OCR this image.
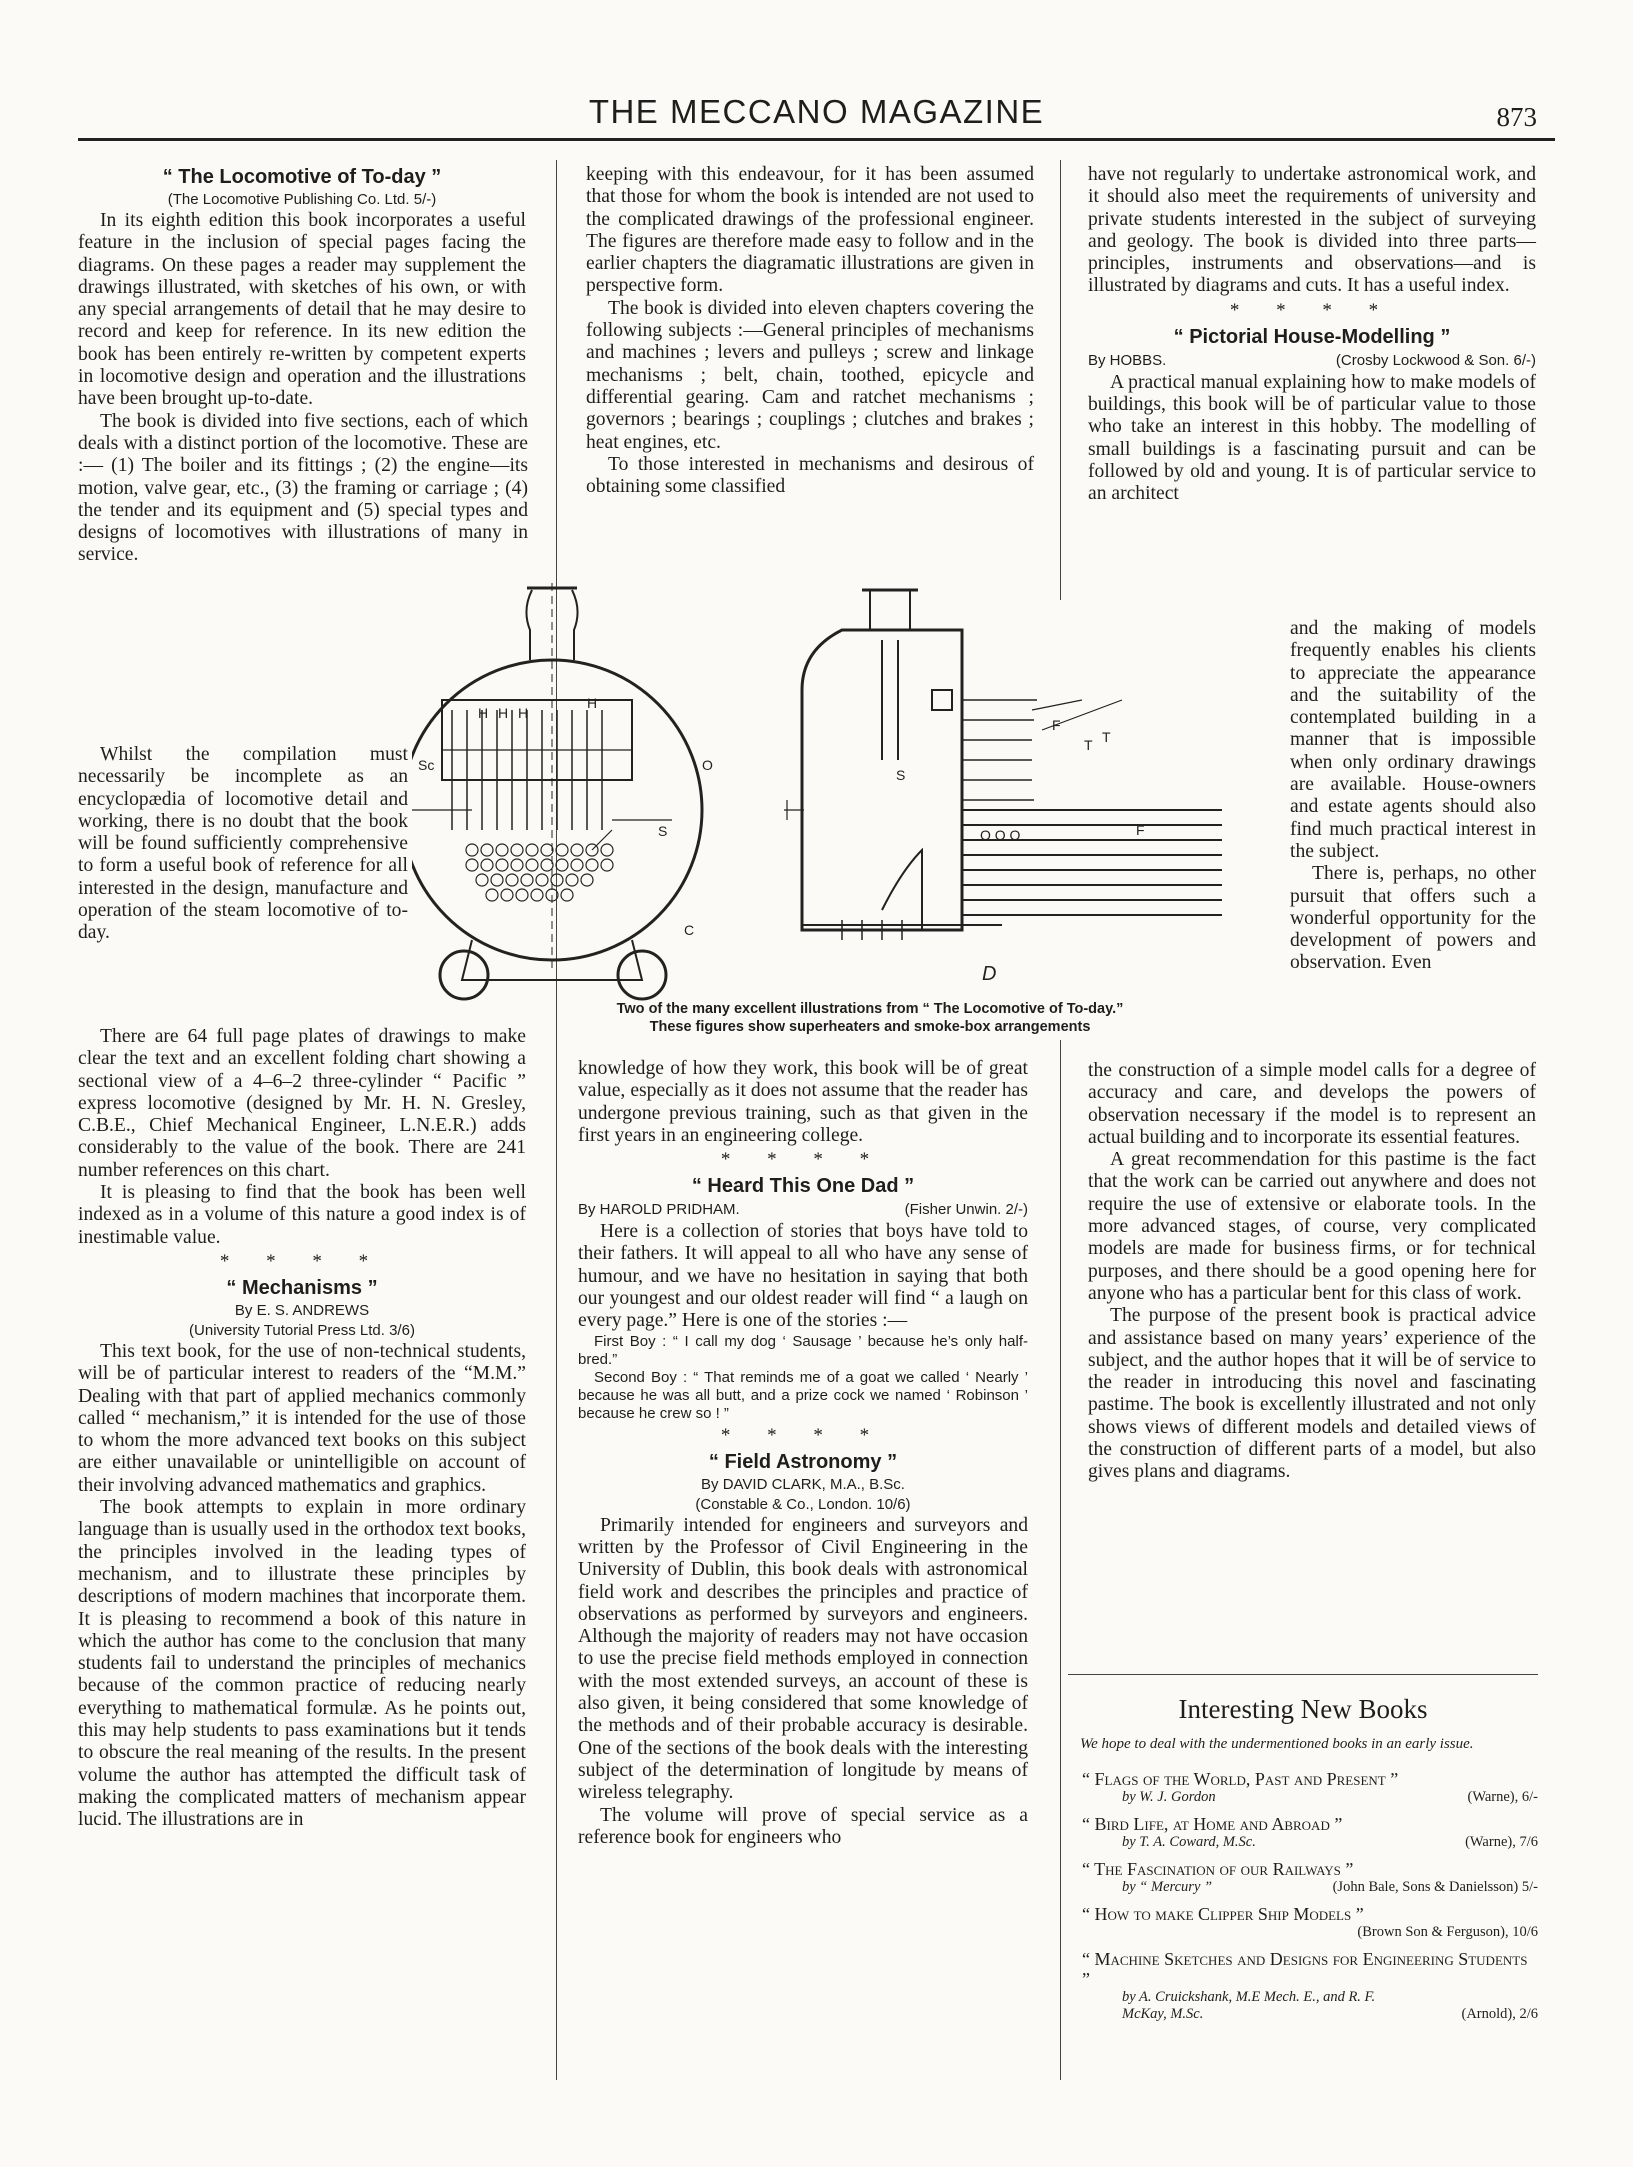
THE MECCANO MAGAZINE	873
“ The Locomotive of To-day ”
(The Locomotive Publishing Co. Ltd. 5/-)

In its eighth edition this book incorporates a useful feature in the inclusion of special pages facing the diagrams. On these pages a reader may supplement the drawings illustrated, with sketches of his own, or with any special arrangements of detail that he may desire to record and keep for reference. In its new edition the book has been entirely re-written by competent experts in locomotive design and operation and the illustrations have been brought up-to-date.

The book is divided into five sections, each of which deals with a distinct portion of the locomotive. These are :— (1) The boiler and its fittings ; (2) the engine—its motion, valve gear, etc., (3) the framing or carriage ; (4) the tender and its equipment and (5) special types and designs of locomotives with illustrations of many in service.

Whilst the compilation must necessarily be incomplete as an encyclopædia of locomotive detail and working, there is no doubt that the book will be found sufficiently comprehensive to form a useful book of reference for all interested in the design, manufacture and operation of the steam locomotive of to-day.

There are 64 full page plates of drawings to make clear the text and an excellent folding chart showing a sectional view of a 4–6–2 three-cylinder “ Pacific ” express locomotive (designed by Mr. H. N. Gresley, C.B.E., Chief Mechanical Engineer, L.N.E.R.) adds considerably to the value of the book. There are 241 number references on this chart.

It is pleasing to find that the book has been well indexed as in a volume of this nature a good index is of inestimable value.

* * * *
“ Mechanisms ”
By E. S. ANDREWS
(University Tutorial Press Ltd. 3/6)

This text book, for the use of non-technical students, will be of particular interest to readers of the “M.M.” Dealing with that part of applied mechanics commonly called “ mechanism,” it is intended for the use of those to whom the more advanced text books on this subject are either unavailable or unintelligible on account of their involving advanced mathematics and graphics.

The book attempts to explain in more ordinary language than is usually used in the orthodox text books, the principles involved in the leading types of mechanism, and to illustrate these principles by descriptions of modern machines that incorporate them. It is pleasing to recommend a book of this nature in which the author has come to the conclusion that many students fail to understand the principles of mechanics because of the common practice of reducing nearly everything to mathematical formulæ. As he points out, this may help students to pass examinations but it tends to obscure the real meaning of the results. In the present volume the author has attempted the difficult task of making the complicated matters of mechanism appear lucid. The illustrations are in

keeping with this endeavour, for it has been assumed that those for whom the book is intended are not used to the complicated drawings of the professional engineer. The figures are therefore made easy to follow and in the earlier chapters the diagramatic illustrations are given in perspective form.

The book is divided into eleven chapters covering the following subjects :—General principles of mechanisms and machines ; levers and pulleys ; screw and linkage mechanisms ; belt, chain, toothed, epicycle and differential gearing. Cam and ratchet mechanisms ; governors ; bearings ; couplings ; clutches and brakes ; heat engines, etc.

To those interested in mechanisms and desirous of obtaining some classified

knowledge of how they work, this book will be of great value, especially as it does not assume that the reader has undergone previous training, such as that given in the first years in an engineering college.

* * * *
“ Heard This One Dad ”
By HAROLD PRIDHAM.	(Fisher Unwin. 2/-)

Here is a collection of stories that boys have told to their fathers. It will appeal to all who have any sense of humour, and we have no hesitation in saying that both our youngest and our oldest reader will find “ a laugh on every page.” Here is one of the stories :—

First Boy : “ I call my dog ‘ Sausage ’ because he’s only half-bred.”

Second Boy : “ That reminds me of a goat we called ‘ Nearly ’ because he was all butt, and a prize cock we named ‘ Robinson ’ because he crew so ! ”

* * * *
“ Field Astronomy ”
By DAVID CLARK, M.A., B.Sc.
(Constable & Co., London. 10/6)

Primarily intended for engineers and surveyors and written by the Professor of Civil Engineering in the University of Dublin, this book deals with astronomical field work and describes the principles and practice of observations as performed by surveyors and engineers. Although the majority of readers may not have occasion to use the precise field methods employed in connection with the most extended surveys, an account of these is also given, it being considered that some knowledge of the methods and of their probable accuracy is desirable. One of the sections of the book deals with the interesting subject of the determination of longitude by means of wireless telegraphy.

The volume will prove of special service as a reference book for engineers who

have not regularly to undertake astronomical work, and it should also meet the requirements of university and private students interested in the subject of surveying and geology. The book is divided into three parts—principles, instruments and observations—and is illustrated by diagrams and cuts. It has a useful index.

* * * *
“ Pictorial House-Modelling ”
By HOBBS.	(Crosby Lockwood & Son. 6/-)

A practical manual explaining how to make models of buildings, this book will be of particular value to those who take an interest in this hobby. The modelling of small buildings is a fascinating pursuit and can be followed by old and young. It is of particular service to an architect

and the making of models frequently enables his clients to appreciate the appearance and the suitability of the contemplated building in a manner that is impossible when only ordinary drawings are available. House-owners and estate agents should also find much practical interest in the subject.

There is, perhaps, no other pursuit that offers such a wonderful opportunity for the development of powers and observation. Even

the construction of a simple model calls for a degree of accuracy and care, and develops the powers of observation necessary if the model is to represent an actual building and to incorporate its essential features.

A great recommendation for this pastime is the fact that the work can be carried out anywhere and does not require the use of extensive or elaborate tools. In the more advanced stages, of course, very complicated models are made for business firms, or for technical purposes, and there should be a good opening here for anyone who has a particular bent for this class of work.

The purpose of the present book is practical advice and assistance based on many years’ experience of the subject, and the author hopes that it will be of service to the reader in introducing this novel and fascinating pastime. The book is excellently illustrated and not only shows views of different models and detailed views of the construction of different parts of a model, but also gives plans and diagrams.

H H H
H
Sc
S
O
C
S
T T
F
F
O O O
D
Two of the many excellent illustrations from “ The Locomotive of To-day.”
These figures show superheaters and smoke-box arrangements
Interesting New Books
We hope to deal with the undermentioned books in an early issue.
“ Flags of the World, Past and Present ”
by W. J. Gordon	(Warne), 6/-
“ Bird Life, at Home and Abroad ”
by T. A. Coward, M.Sc.	(Warne), 7/6
“ The Fascination of our Railways ”
by “ Mercury ”	(John Bale, Sons & Danielsson) 5/-
“ How to make Clipper Ship Models ”
(Brown Son & Ferguson), 10/6
“ Machine Sketches and Designs for Engineering Students ”
by A. Cruickshank, M.E Mech. E., and R. F. McKay, M.Sc.	(Arnold), 2/6
